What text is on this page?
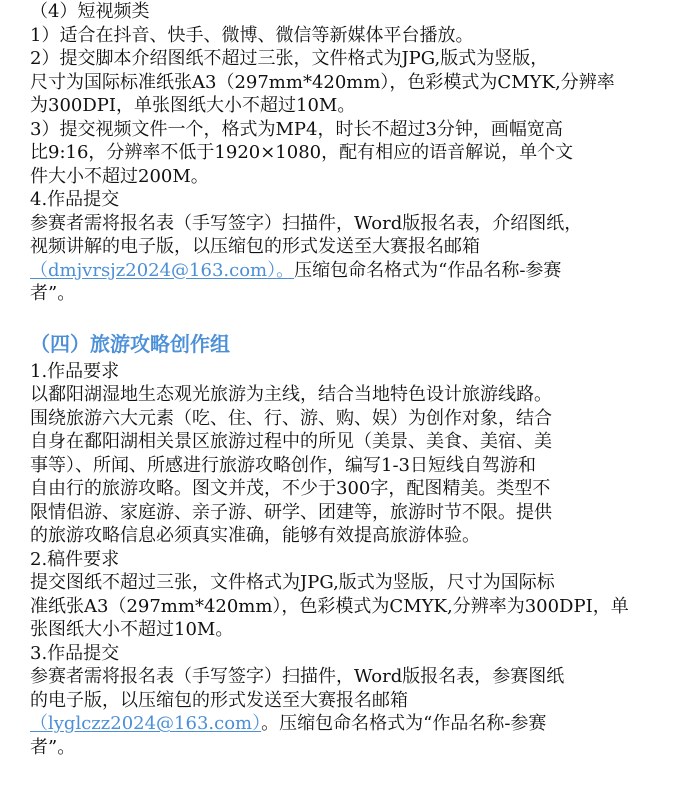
（4）短视频类
1）适合在抖音、快手、微博、微信等新媒体平台播放。
2）提交脚本介绍图纸不超过三张，文件格式为JPG,版式为竖版，
尺寸为国际标准纸张A3（297mm*420mm），色彩模式为CMYK,分辨率
为300DPI，单张图纸大小不超过10M。
3）提交视频文件一个，格式为MP4，时长不超过3分钟，画幅宽高
比9:16，分辨率不低于1920×1080，配有相应的语音解说，单个文
件大小不超过200M。
4.作品提交
参赛者需将报名表（手写签字）扫描件，Word版报名表，介绍图纸，
视频讲解的电子版，以压缩包的形式发送至大赛报名邮箱
（dmjvrsjz2024@163.com）。压缩包命名格式为“作品名称-参赛
者”。
（四）旅游攻略创作组
1.作品要求
以鄱阳湖湿地生态观光旅游为主线，结合当地特色设计旅游线路。
围绕旅游六大元素（吃、住、行、游、购、娱）为创作对象，结合
自身在鄱阳湖相关景区旅游过程中的所见（美景、美食、美宿、美
事等）、所闻、所感进行旅游攻略创作，编写1-3日短线自驾游和
自由行的旅游攻略。图文并茂，不少于300字，配图精美。类型不
限情侣游、家庭游、亲子游、研学、团建等，旅游时节不限。提供
的旅游攻略信息必须真实准确，能够有效提高旅游体验。
2.稿件要求
提交图纸不超过三张，文件格式为JPG,版式为竖版，尺寸为国际标
准纸张A3（297mm*420mm），色彩模式为CMYK,分辨率为300DPI，单
张图纸大小不超过10M。
3.作品提交
参赛者需将报名表（手写签字）扫描件，Word版报名表，参赛图纸
的电子版，以压缩包的形式发送至大赛报名邮箱
（lyglczz2024@163.com）。压缩包命名格式为“作品名称-参赛
者”。
